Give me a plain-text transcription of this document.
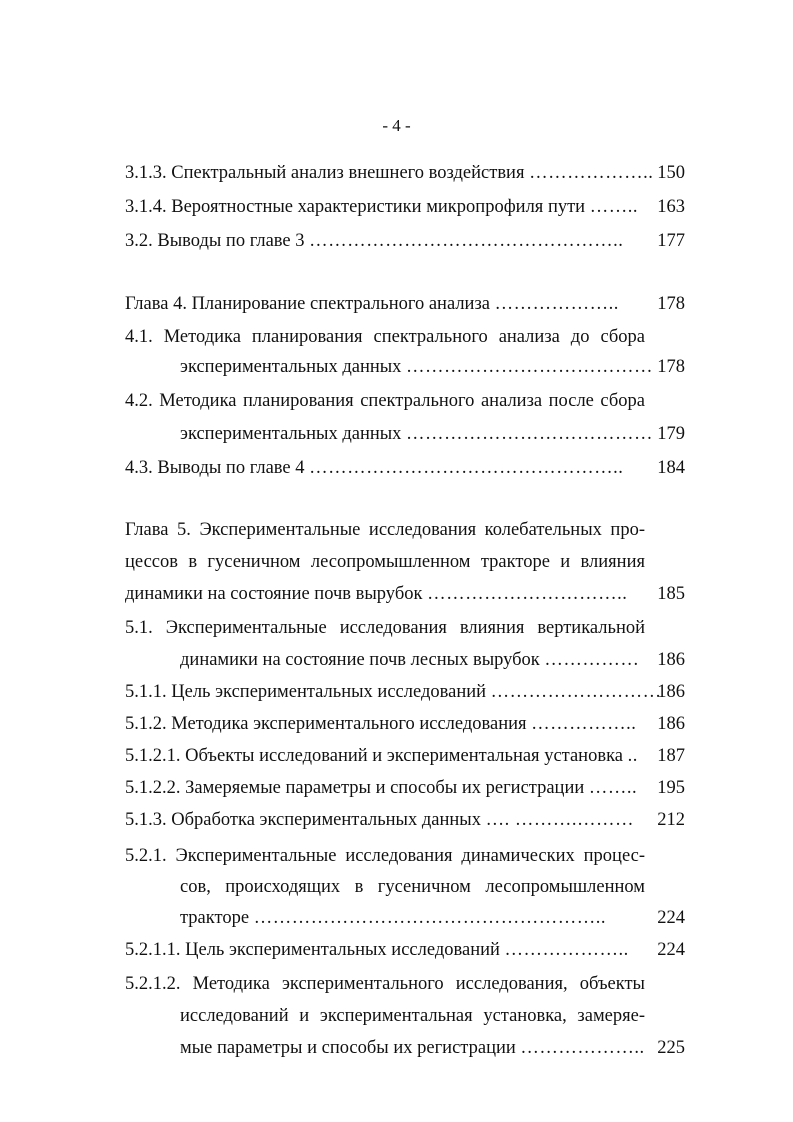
- 4 -
3.1.3. Спектральный анализ внешнего воздействия ……………….. 150
3.1.4. Вероятностные характеристики микропрофиля пути …….. 163
3.2. Выводы по главе 3 ………………………………………….. 177
Глава 4. Планирование спектрального анализа ……………….. 178
4.1. Методика планирования спектрального анализа до сбора
экспериментальных данных ………………………………… 178
4.2. Методика планирования спектрального анализа после сбора
экспериментальных данных ………………………………… 179
4.3. Выводы по главе 4 ………………………………………….. 184
Глава 5. Экспериментальные исследования колебательных про-
цессов в гусеничном лесопромышленном тракторе и влияния
динамики на состояние почв вырубок ………………………….. 185
5.1. Экспериментальные исследования влияния вертикальной
динамики на состояние почв лесных вырубок …………… 186
5.1.1. Цель экспериментальных исследований ………………………
186
5.1.2. Методика экспериментального исследования …………….. 186
5.1.2.1. Объекты исследований и экспериментальная установка .. 187
5.1.2.2. Замеряемые параметры и способы их регистрации …….. 195
5.1.3. Обработка экспериментальных данных …. ……….……… 212
5.2.1. Экспериментальные исследования динамических процес-
сов, происходящих в гусеничном лесопромышленном
тракторе ………………………………………………..	224
5.2.1.1. Цель экспериментальных исследований ……………….. 224
5.2.1.2. Методика экспериментального исследования, объекты
исследований и экспериментальная установка, замеряе-
мые параметры и способы их регистрации ……………….. 225
